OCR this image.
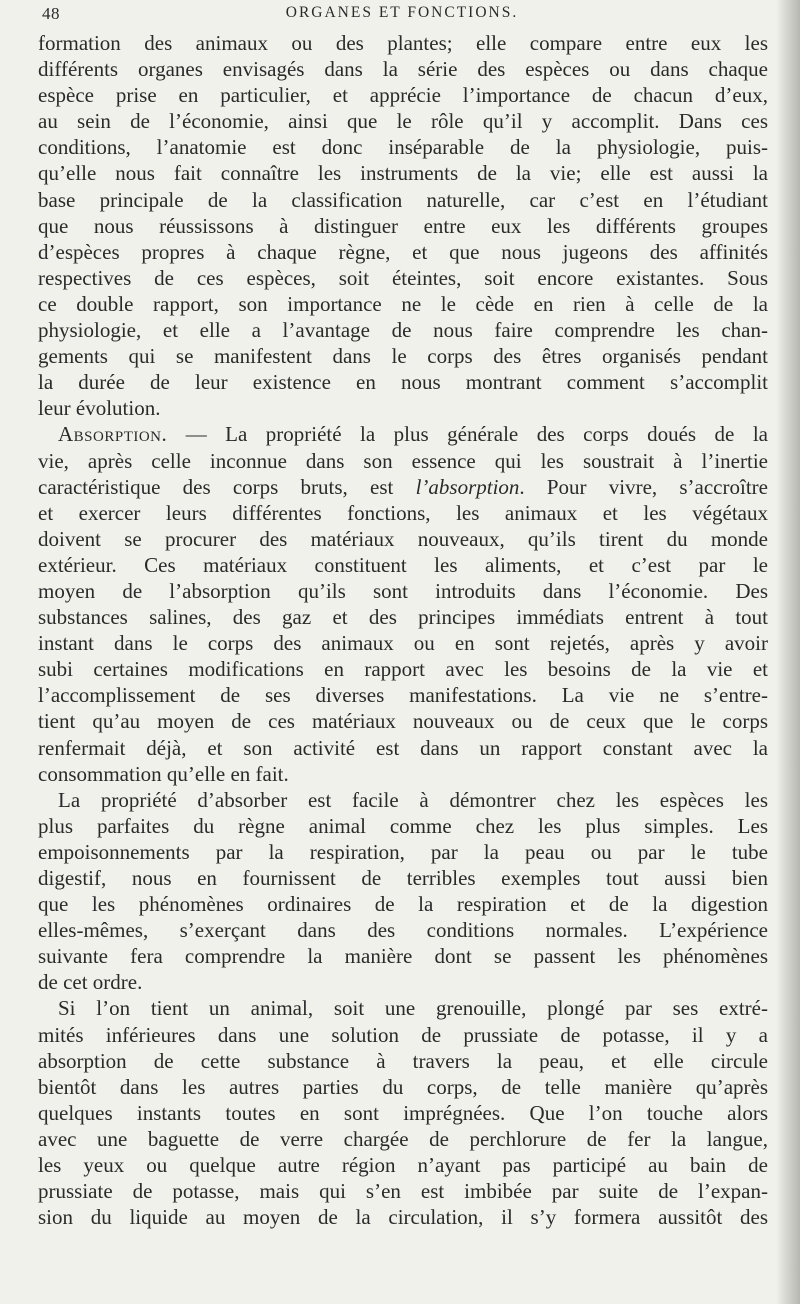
48	ORGANES ET FONCTIONS.
formation des animaux ou des plantes; elle compare entre eux les
différents organes envisagés dans la série des espèces ou dans chaque
espèce prise en particulier, et apprécie l’importance de chacun d’eux,
au sein de l’économie, ainsi que le rôle qu’il y accomplit. Dans ces
conditions, l’anatomie est donc inséparable de la physiologie, puis-
qu’elle nous fait connaître les instruments de la vie; elle est aussi la
base principale de la classification naturelle, car c’est en l’étudiant
que nous réussissons à distinguer entre eux les différents groupes
d’espèces propres à chaque règne, et que nous jugeons des affinités
respectives de ces espèces, soit éteintes, soit encore existantes. Sous
ce double rapport, son importance ne le cède en rien à celle de la
physiologie, et elle a l’avantage de nous faire comprendre les chan-
gements qui se manifestent dans le corps des êtres organisés pendant
la durée de leur existence en nous montrant comment s’accomplit
leur évolution.
Absorption. — La propriété la plus générale des corps doués de la
vie, après celle inconnue dans son essence qui les soustrait à l’inertie
caractéristique des corps bruts, est l’absorption. Pour vivre, s’accroître
et exercer leurs différentes fonctions, les animaux et les végétaux
doivent se procurer des matériaux nouveaux, qu’ils tirent du monde
extérieur. Ces matériaux constituent les aliments, et c’est par le
moyen de l’absorption qu’ils sont introduits dans l’économie. Des
substances salines, des gaz et des principes immédiats entrent à tout
instant dans le corps des animaux ou en sont rejetés, après y avoir
subi certaines modifications en rapport avec les besoins de la vie et
l’accomplissement de ses diverses manifestations. La vie ne s’entre-
tient qu’au moyen de ces matériaux nouveaux ou de ceux que le corps
renfermait déjà, et son activité est dans un rapport constant avec la
consommation qu’elle en fait.
La propriété d’absorber est facile à démontrer chez les espèces les
plus parfaites du règne animal comme chez les plus simples. Les
empoisonnements par la respiration, par la peau ou par le tube
digestif, nous en fournissent de terribles exemples tout aussi bien
que les phénomènes ordinaires de la respiration et de la digestion
elles-mêmes, s’exerçant dans des conditions normales. L’expérience
suivante fera comprendre la manière dont se passent les phénomènes
de cet ordre.
Si l’on tient un animal, soit une grenouille, plongé par ses extré-
mités inférieures dans une solution de prussiate de potasse, il y a
absorption de cette substance à travers la peau, et elle circule
bientôt dans les autres parties du corps, de telle manière qu’après
quelques instants toutes en sont imprégnées. Que l’on touche alors
avec une baguette de verre chargée de perchlorure de fer la langue,
les yeux ou quelque autre région n’ayant pas participé au bain de
prussiate de potasse, mais qui s’en est imbibée par suite de l’expan-
sion du liquide au moyen de la circulation, il s’y formera aussitôt des
